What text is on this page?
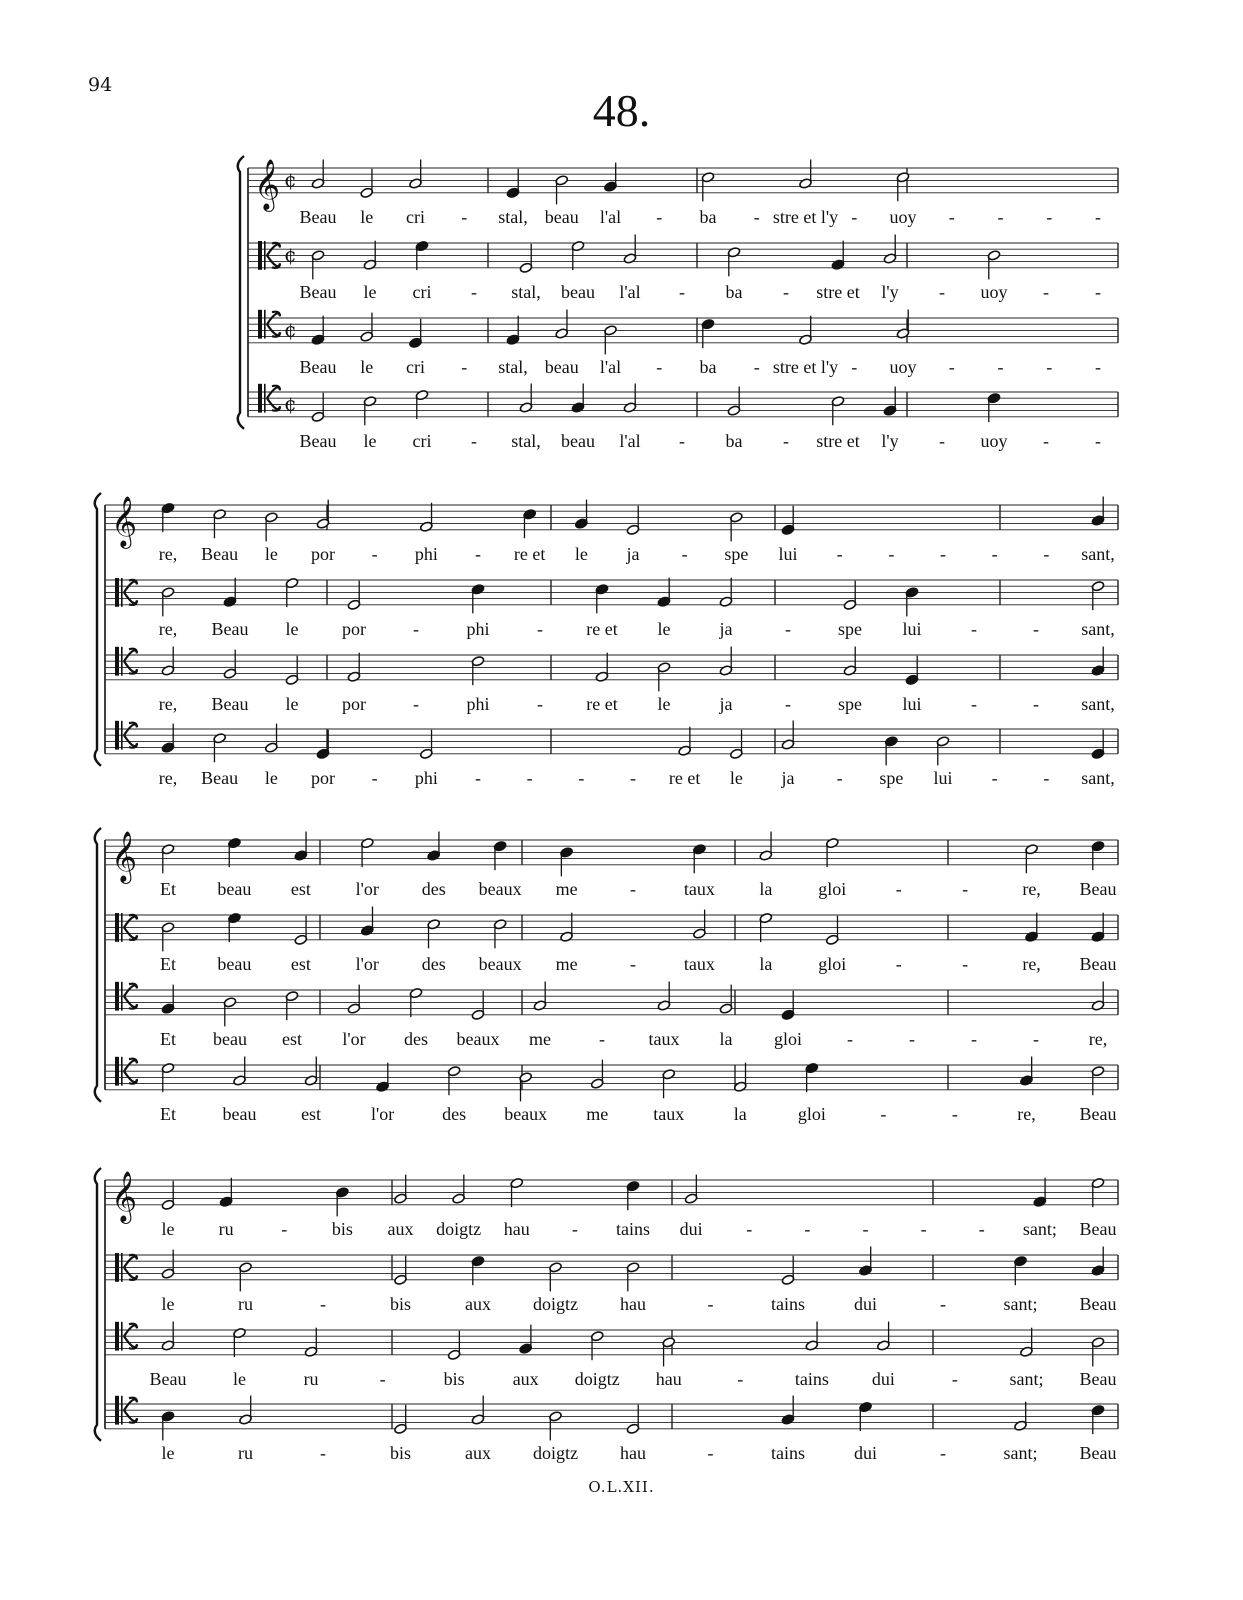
94	48.
𝄞 ¢
¢
¢
¢
Beau le cri - stal, beau l'al - ba - stre et l'y - uoy - - - -
Beau le cri - stal, beau l'al - ba - stre et l'y - uoy -	-
Beau le cri - stal, beau l'al - ba - stre et l'y - uoy - - - -
Beau le cri - stal, beau l'al - ba - stre et l'y - uoy -	-
𝄞
re, Beau le por - phi - re et le ja - spe lui -	-	-	-	- sant,
re, Beau le por	-	phi	- re et le	ja	-	spe lui	-	- sant,
re, Beau le por	-	phi	- re et le	ja	-	spe lui	-	- sant,
re, Beau le por - phi -	-	-	- re et le ja - spe lui -	- sant,
𝄞
Et beau est l'or des beaux me	-	taux la	gloi	-	-	re, Beau
Et beau est l'or des beaux me	-	taux la	gloi	-	-	re, Beau
Et beau est l'or des beaux me	- taux la gloi -	-	-	-	re,
Et	beau est	l'or	des beaux me	taux	la	gloi	-	-	re, Beau
𝄞
le ru	- bis aux doigtz hau - tains dui -	-	-	-	- sant; Beau
le	ru	-	bis	aux doigtz hau	-	tains	dui	-	sant; Beau
Beau	le	ru	-	bis	aux doigtz hau	-	tains dui	-	sant; Beau
le	ru	-	bis	aux doigtz hau	-	tains	dui	-	sant; Beau
O.L.XII.
